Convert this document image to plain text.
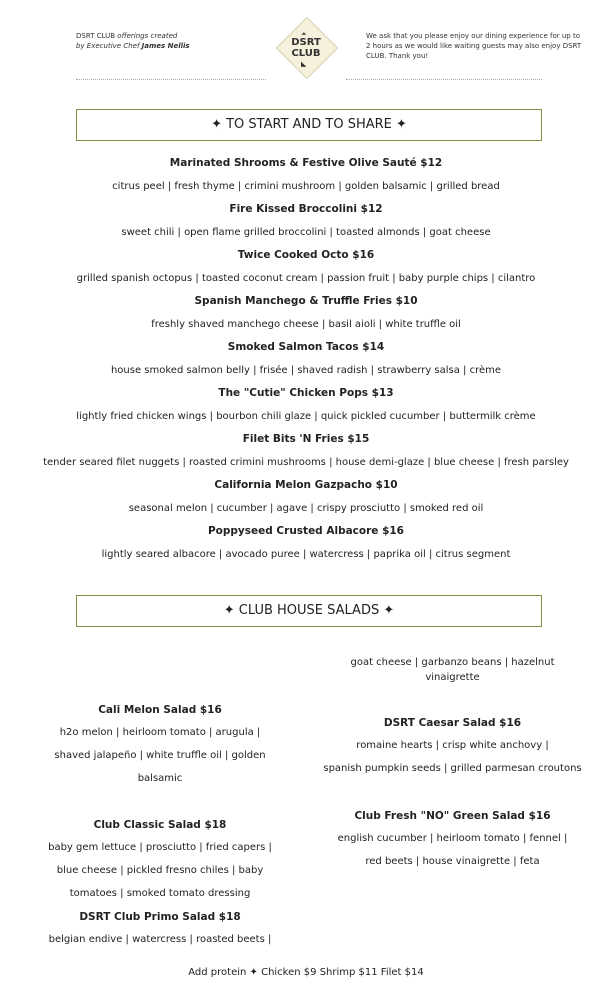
DSRT CLUB offerings created
by Executive Chef James Nellis
⏶
DSRT
CLUB
◣
We ask that you please enjoy our dining experience for up to 2 hours as we would like waiting guests may also enjoy DSRT CLUB. Thank you!
✦ TO START AND TO SHARE ✦
Marinated Shrooms & Festive Olive Sauté $12
citrus peel | fresh thyme | crimini mushroom | golden balsamic | grilled bread
Fire Kissed Broccolini $12
sweet chili | open flame grilled broccolini | toasted almonds | goat cheese
Twice Cooked Octo $16
grilled spanish octopus | toasted coconut cream | passion fruit | baby purple chips | cilantro
Spanish Manchego & Truffle Fries $10
freshly shaved manchego cheese | basil aioli | white truffle oil
Smoked Salmon Tacos $14
house smoked salmon belly | frisée | shaved radish | strawberry salsa | crème
The "Cutie" Chicken Pops $13
lightly fried chicken wings | bourbon chili glaze | quick pickled cucumber | buttermilk crème
Filet Bits 'N Fries $15
tender seared filet nuggets | roasted crimini mushrooms | house demi-glaze | blue cheese | fresh parsley
California Melon Gazpacho $10
seasonal melon | cucumber | agave | crispy prosciutto | smoked red oil
Poppyseed Crusted Albacore $16
lightly seared albacore | avocado puree | watercress | paprika oil | citrus segment
✦ CLUB HOUSE SALADS ✦
Cali Melon Salad $16
h2o melon | heirloom tomato | arugula |
shaved jalapeño | white truffle oil | golden
balsamic
Club Classic Salad $18
baby gem lettuce | prosciutto | fried capers |
blue cheese | pickled fresno chiles | baby
tomatoes | smoked tomato dressing
DSRT Club Primo Salad $18
belgian endive | watercress | roasted beets |
goat cheese | garbanzo beans | hazelnut
vinaigrette
DSRT Caesar Salad $16
romaine hearts | crisp white anchovy |
spanish pumpkin seeds | grilled parmesan croutons
Club Fresh "NO" Green Salad $16
english cucumber | heirloom tomato | fennel |
red beets | house vinaigrette | feta
Add protein ✦ Chicken $9 Shrimp $11 Filet $14
